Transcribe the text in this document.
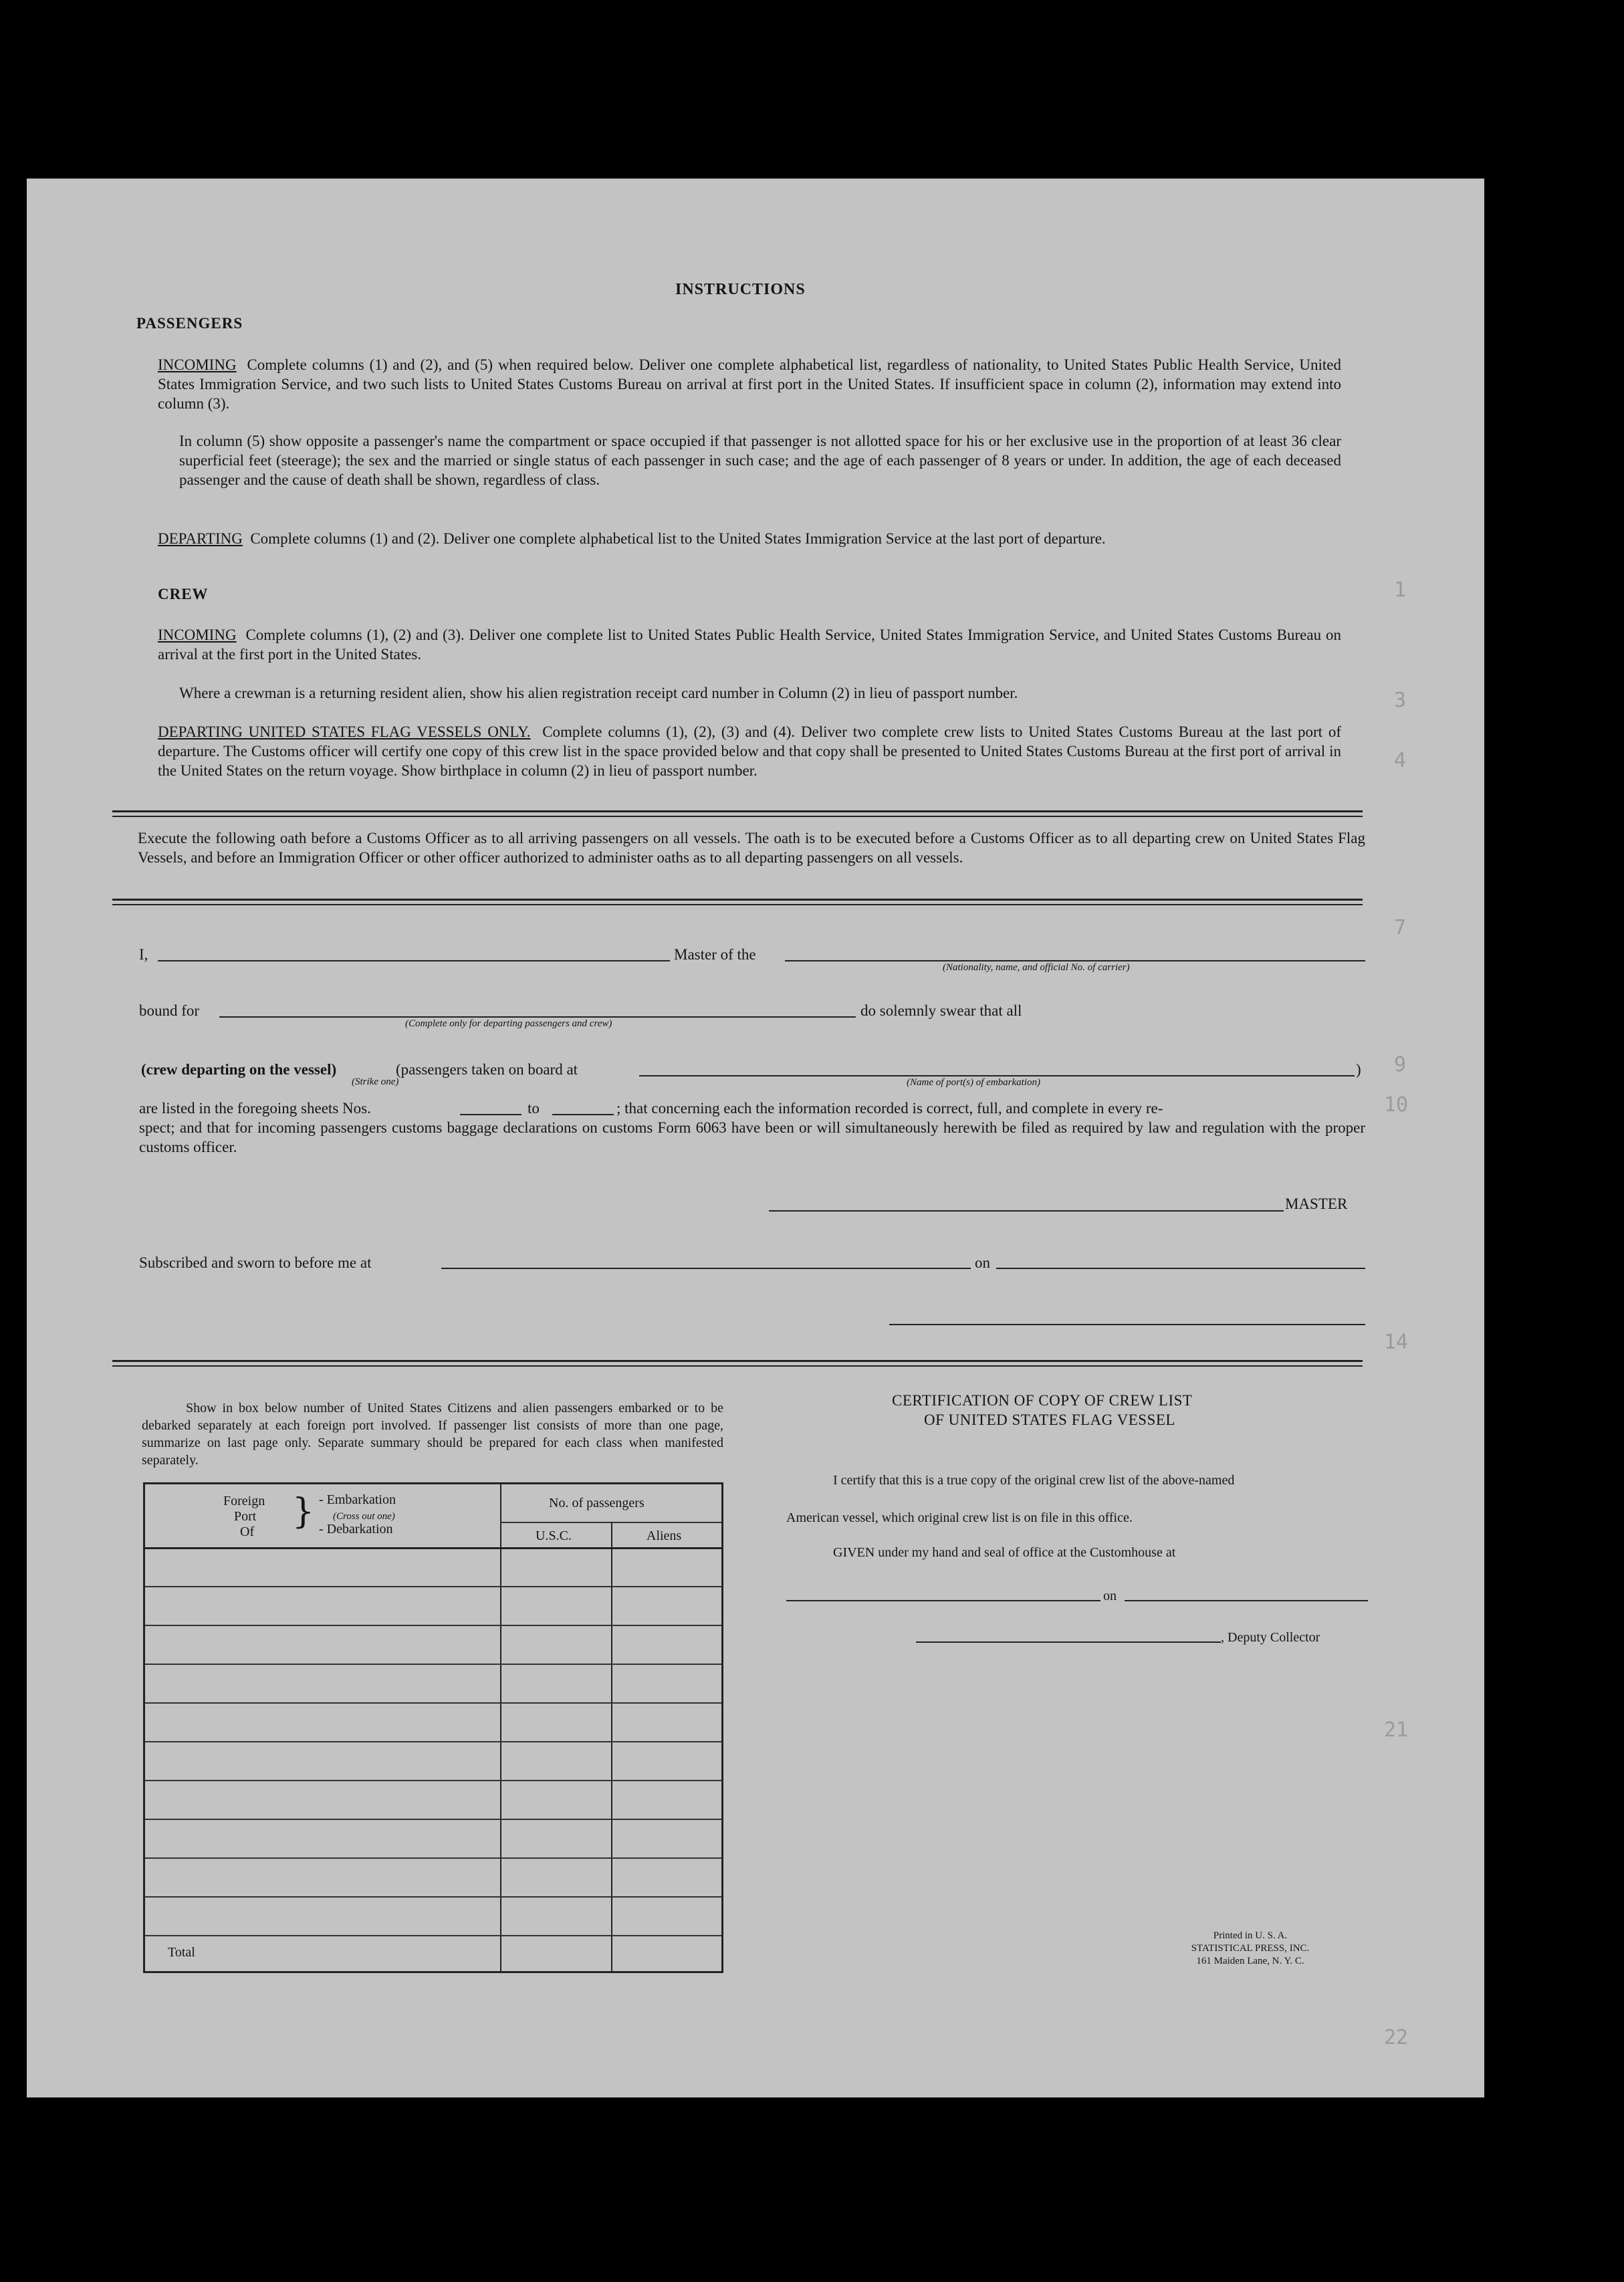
1
3
4
7
9
10
14
21
22
INSTRUCTIONS
PASSENGERS
INCOMING Complete columns (1) and (2), and (5) when required below. Deliver one complete alphabetical list, regardless of nationality, to United States Public Health Service, United States Immigration Service, and two such lists to United States Customs Bureau on arrival at first port in the United States. If insufficient space in column (2), information may extend into column (3).
In column (5) show opposite a passenger's name the compartment or space occupied if that passenger is not allotted space for his or her exclusive use in the proportion of at least 36 clear superficial feet (steerage); the sex and the married or single status of each passenger in such case; and the age of each passenger of 8 years or under. In addition, the age of each deceased passenger and the cause of death shall be shown, regardless of class.
DEPARTING Complete columns (1) and (2). Deliver one complete alphabetical list to the United States Immigration Service at the last port of departure.
CREW
INCOMING Complete columns (1), (2) and (3). Deliver one complete list to United States Public Health Service, United States Immigration Service, and United States Customs Bureau on arrival at the first port in the United States.
Where a crewman is a returning resident alien, show his alien registration receipt card number in Column (2) in lieu of passport number.
DEPARTING UNITED STATES FLAG VESSELS ONLY. Complete columns (1), (2), (3) and (4). Deliver two complete crew lists to United States Customs Bureau at the last port of departure. The Customs officer will certify one copy of this crew list in the space provided below and that copy shall be presented to United States Customs Bureau at the first port of arrival in the United States on the return voyage. Show birthplace in column (2) in lieu of passport number.
Execute the following oath before a Customs Officer as to all arriving passengers on all vessels. The oath is to be executed before a Customs Officer as to all departing crew on United States Flag Vessels, and before an Immigration Officer or other officer authorized to administer oaths as to all departing passengers on all vessels.
I,	Master of the
(Nationality, name, and official No. of carrier)
bound for
(Complete only for departing passengers and crew)
do solemnly swear that all
(crew departing on the vessel)
(Strike one)
(passengers taken on board at	)
(Name of port(s) of embarkation)
are listed in the foregoing sheets Nos.	to	; that concerning each the information recorded is correct, full, and complete in every re-
spect; and that for incoming passengers customs baggage declarations on customs Form 6063 have been or will simultaneously herewith be filed as required by law and regulation with the proper customs officer.
MASTER
Subscribed and sworn to before me at	on
Show in box below number of United States Citizens and alien passengers embarked or to be debarked separately at each foreign port involved. If passenger list consists of more than one page, summarize on last page only. Separate summary should be prepared for each class when manifested separately.
Foreign
Port
Of } - Embarkation
(Cross out one)
- Debarkation
No. of passengers
U.S.C.	Aliens
Total
CERTIFICATION OF COPY OF CREW LIST
OF UNITED STATES FLAG VESSEL
I certify that this is a true copy of the original crew list of the above-named
American vessel, which original crew list is on file in this office.
GIVEN under my hand and seal of office at the Customhouse at
on
, Deputy Collector
Printed in U. S. A.
STATISTICAL PRESS, INC.
161 Maiden Lane, N. Y. C.
